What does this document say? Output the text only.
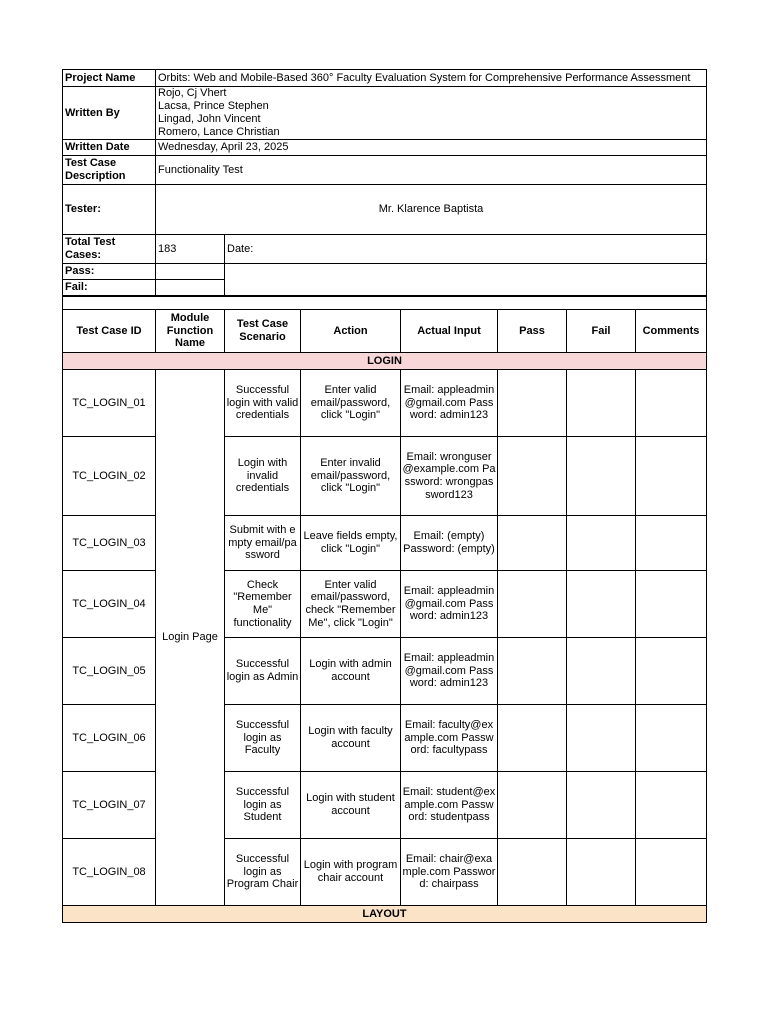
Project Name	Orbits: Web and Mobile-Based 360° Faculty Evaluation System for Comprehensive Performance Assessment	
Written By	Rojo, Cj Vhert
Lacsa, Prince Stephen
Lingad, John Vincent
Romero, Lance Christian	

Written Date	Wednesday, April 23, 2025	
Test Case Description	Functionality Test	
Tester:	Mr. Klarence Baptista	
Total Test Cases:	183	Date:
Pass:		
Fail:		

Test Case ID	Module Function Name	Test Case Scenario	Action	Actual Input	Pass	Fail	Comments
LOGIN							
TC_LOGIN_01	Login Page	Successful login with valid credentials	Enter valid email/password, click "Login"	Email: appleadmin@gmail.com Password: admin123			
TC_LOGIN_02		Login with invalid credentials	Enter invalid email/password, click "Login"	Email: wronguser@example.com Password: wrongpassword123			
TC_LOGIN_03		Submit with empty email/password	Leave fields empty, click "Login"	Email: (empty) Password: (empty)			
TC_LOGIN_04		Check "Remember Me" functionality	Enter valid email/password, check "Remember Me", click "Login"	Email: appleadmin@gmail.com Password: admin123			
TC_LOGIN_05		Successful login as Admin	Login with admin account	Email: appleadmin@gmail.com Password: admin123			
TC_LOGIN_06		Successful login as Faculty	Login with faculty account	Email: faculty@example.com Password: facultypass			
TC_LOGIN_07		Successful login as Student	Login with student account	Email: student@example.com Password: studentpass			
TC_LOGIN_08		Successful login as Program Chair	Login with program chair account	Email: chair@example.com Password: chairpass			
LAYOUT							
